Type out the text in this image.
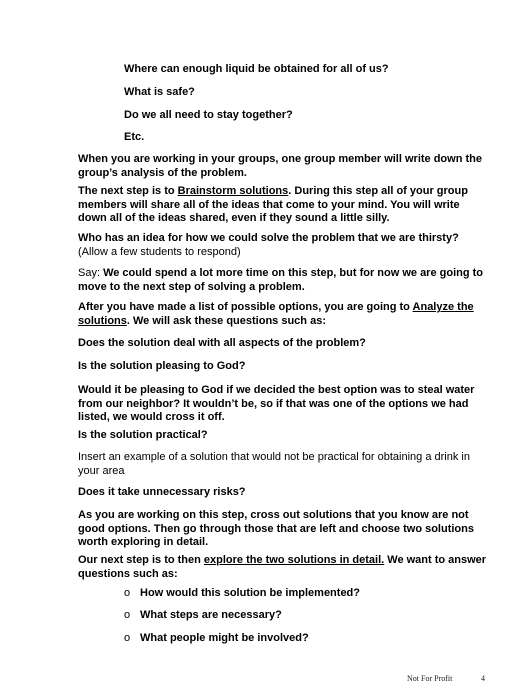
Where can enough liquid be obtained for all of us?
What is safe?
Do we all need to stay together?
Etc.
When you are working in your groups, one group member will write down the group’s analysis of the problem.
The next step is to Brainstorm solutions. During this step all of your group members will share all of the ideas that come to your mind. You will write down all of the ideas shared, even if they sound a little silly.
Who has an idea for how we could solve the problem that we are thirsty? (Allow a few students to respond)
Say: We could spend a lot more time on this step, but for now we are going to move to the next step of solving a problem.
After you have made a list of possible options, you are going to Analyze the solutions. We will ask these questions such as:
Does the solution deal with all aspects of the problem?
Is the solution pleasing to God?
Would it be pleasing to God if we decided the best option was to steal water from our neighbor? It wouldn’t be, so if that was one of the options we had listed, we would cross it off.
Is the solution practical?
Insert an example of a solution that would not be practical for obtaining a drink in your area
Does it take unnecessary risks?
As you are working on this step, cross out solutions that you know are not good options. Then go through those that are left and choose two solutions worth exploring in detail.
Our next step is to then explore the two solutions in detail. We want to answer questions such as:
o How would this solution be implemented?
o What steps are necessary?
o What people might be involved?
Not For Profit	4
